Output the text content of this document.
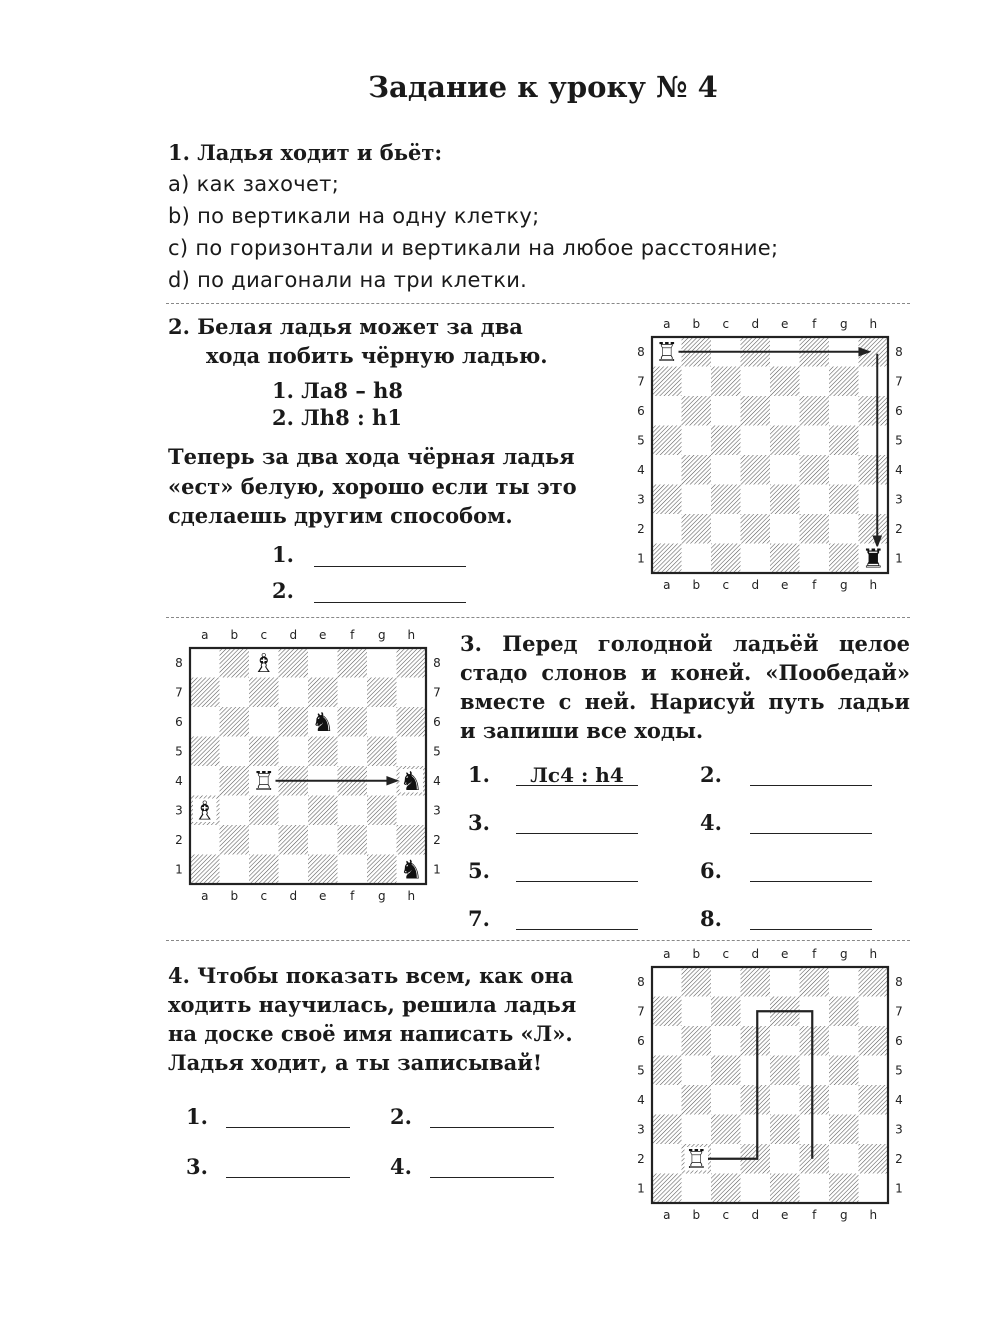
Задание к уроку № 4
1. Ладья ходит и бьёт:
a) как захочет;
b) по вертикали на одну клетку;
c) по горизонтали и вертикали на любое расстояние;
d) по диагонали на три клетки.
2. Белая ладья может за два
хода побить чёрную ладью.
1. Лa8 – h8
2. Лh8 : h1
Теперь за два хода чёрная ладья
«ест» белую, хорошо если ты это
сделаешь другим способом.
1.
2.
a
a
b
b
c
c
d
d
e
e
f
f
g
g
h
h
8	8
7	7
6	6
5	5
4	4
3	3
2	2
1	1
♖
♜
a
a
b
b
c
c
d
d
e
e
f
f
g
g
h
h
8	8
7	7
6	6
5	5
4	4
3	3
2	2
1	1
♗
♞
♖	♞
♗
♞
3. Перед голодной ладьёй целое
стадо слонов и коней. «Пообедай»
вместе с ней. Нарисуй путь ладьи
и запиши все ходы.
1.	Лc4 : h4	2.
3.	4.
5.	6.
7.	8.
4. Чтобы показать всем, как она
ходить научилась, решила ладья
на доске своё имя написать «Л».
Ладья ходит, а ты записывай!
1.	2.
3.	4.
a
a
b
b
c
c
d
d
e
e
f
f
g
g
h
h
8	8
7	7
6	6
5	5
4	4
3	3
2	2
1	1
♖
